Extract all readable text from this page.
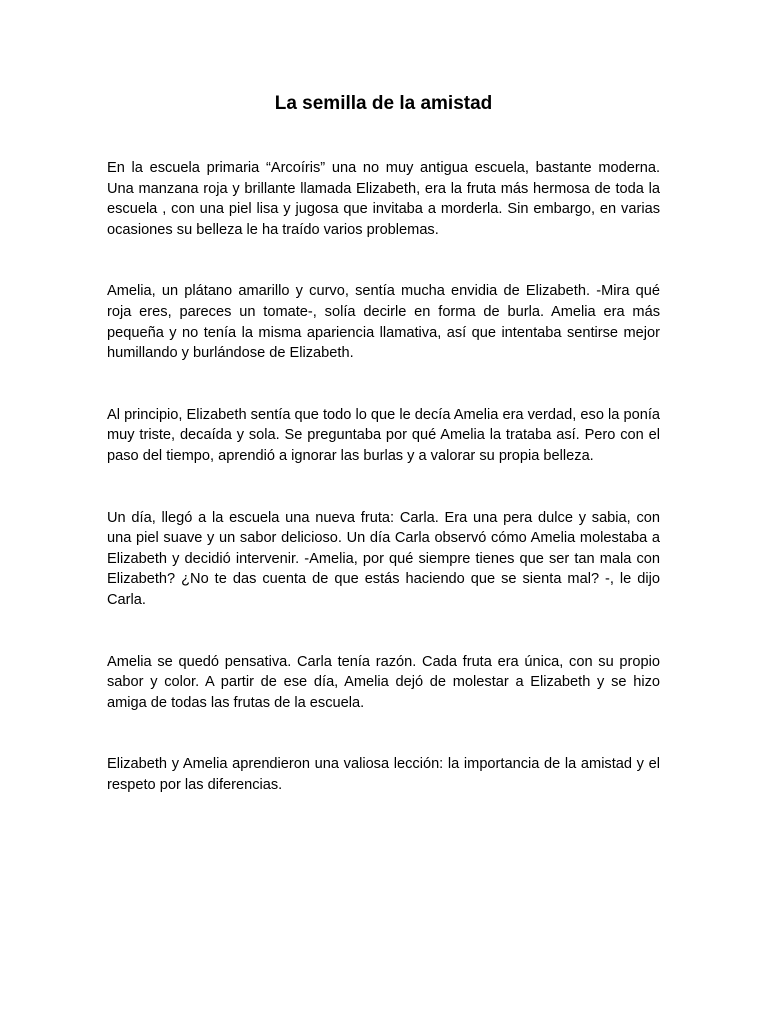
La semilla de la amistad

En la escuela primaria “Arcoíris” una no muy antigua escuela, bastante moderna. Una manzana roja y brillante llamada Elizabeth, era la fruta más hermosa de toda la escuela , con una piel lisa y jugosa que invitaba a morderla. Sin embargo, en varias ocasiones su belleza le ha traído varios problemas.

Amelia, un plátano amarillo y curvo, sentía mucha envidia de Elizabeth. -Mira qué roja eres, pareces un tomate-, solía decirle en forma de burla. Amelia era más pequeña y no tenía la misma apariencia llamativa, así que intentaba sentirse mejor humillando y burlándose de Elizabeth.

Al principio, Elizabeth sentía que todo lo que le decía Amelia era verdad, eso la ponía muy triste, decaída y sola. Se preguntaba por qué Amelia la trataba así. Pero con el paso del tiempo, aprendió a ignorar las burlas y a valorar su propia belleza.

Un día, llegó a la escuela una nueva fruta: Carla. Era una pera dulce y sabia, con una piel suave y un sabor delicioso. Un día Carla observó cómo Amelia molestaba a Elizabeth y decidió intervenir. -Amelia, por qué siempre tienes que ser tan mala con Elizabeth? ¿No te das cuenta de que estás haciendo que se sienta mal? -, le dijo Carla.

Amelia se quedó pensativa. Carla tenía razón. Cada fruta era única, con su propio sabor y color. A partir de ese día, Amelia dejó de molestar a Elizabeth y se hizo amiga de todas las frutas de la escuela.

Elizabeth y Amelia aprendieron una valiosa lección: la importancia de la amistad y el respeto por las diferencias.
